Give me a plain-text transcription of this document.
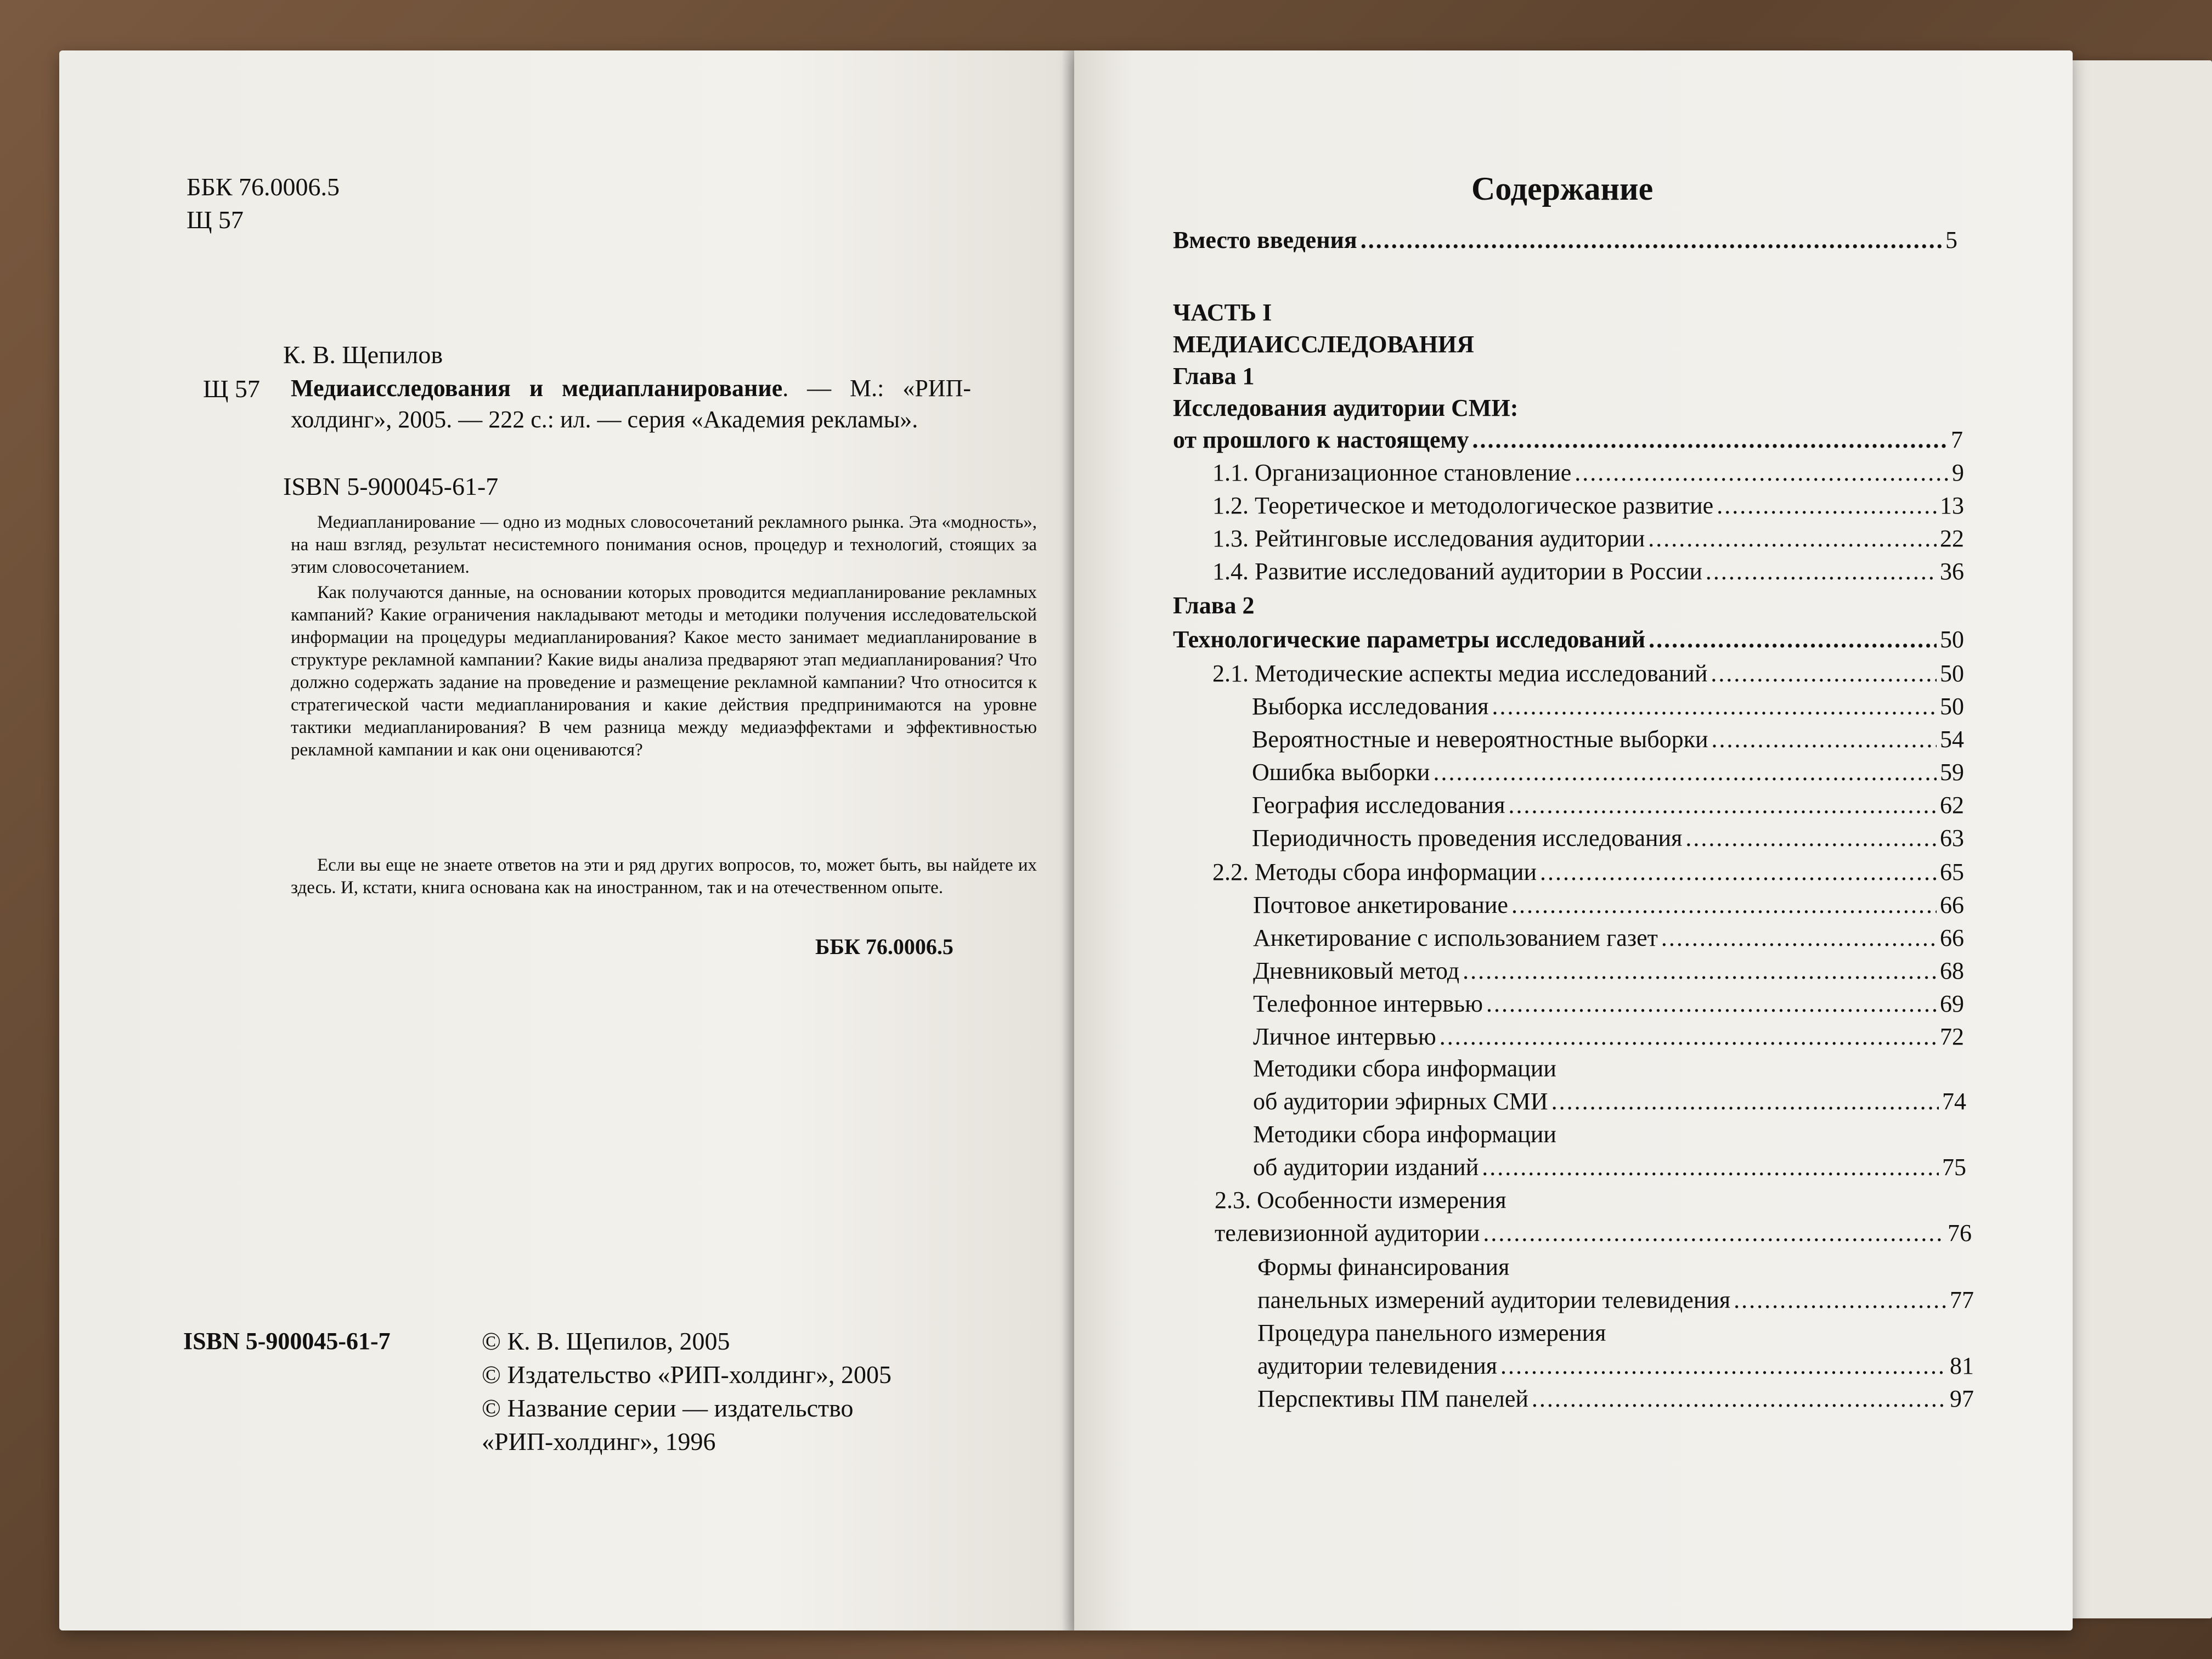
ББК 76.0006.5
Щ 57
К. В. Щепилов
Щ 57 Медиаисследования и медиапланирование. — М.: «РИП-холдинг», 2005. — 222 с.: ил. — серия «Академия рекламы».
ISBN 5-900045-61-7
Медиапланирование — одно из модных словосочетаний рекламного рынка. Эта «модность», на наш взгляд, результат несистемного понимания основ, процедур и технологий, стоящих за этим словосочетанием.
Как получаются данные, на основании которых проводится медиапланирование рекламных кампаний? Какие ограничения накладывают методы и методики получения исследовательской информации на процедуры медиапланирования? Какое место занимает медиапланирование в структуре рекламной кампании? Какие виды анализа предваряют этап медиапланирования? Что должно содержать задание на проведение и размещение рекламной кампании? Что относится к стратегической части медиапланирования и какие действия предпринимаются на уровне тактики медиапланирования? В чем разница между медиаэффектами и эффективностью рекламной кампании и как они оцениваются?
Если вы еще не знаете ответов на эти и ряд других вопросов, то, может быть, вы найдете их здесь. И, кстати, книга основана как на иностранном, так и на отечественном опыте.
ББК 76.0006.5
ISBN 5-900045-61-7	© К. В. Щепилов, 2005
© Издательство «РИП-холдинг», 2005
© Название серии — издательство
«РИП-холдинг», 1996
Содержание
Вместо введения .....	5
ЧАСТЬ I
МЕДИАИССЛЕДОВАНИЯ
Глава 1
Исследования аудитории СМИ:
от прошлого к настоящему .....	7
1.1. Организационное становление .....	9
1.2. Теоретическое и методологическое развитие .....	13
1.3. Рейтинговые исследования аудитории .....	22
1.4. Развитие исследований аудитории в России .....	36
Глава 2
Технологические параметры исследований .....	50
2.1. Методические аспекты медиа исследований .....	50
Выборка исследования .....	50
Вероятностные и невероятностные выборки .....	54
Ошибка выборки .....	59
География исследования .....	62
Периодичность проведения исследования .....	63
2.2. Методы сбора информации .....	65
Почтовое анкетирование .....	66
Анкетирование с использованием газет .....	66
Дневниковый метод .....	68
Телефонное интервью .....	69
Личное интервью .....	72
Методики сбора информации
об аудитории эфирных СМИ .....	74
Методики сбора информации
об аудитории изданий .....	75
2.3. Особенности измерения
телевизионной аудитории .....	76
Формы финансирования
панельных измерений аудитории телевидения .....	77
Процедура панельного измерения
аудитории телевидения .....	81
Перспективы ПМ панелей .....	97
